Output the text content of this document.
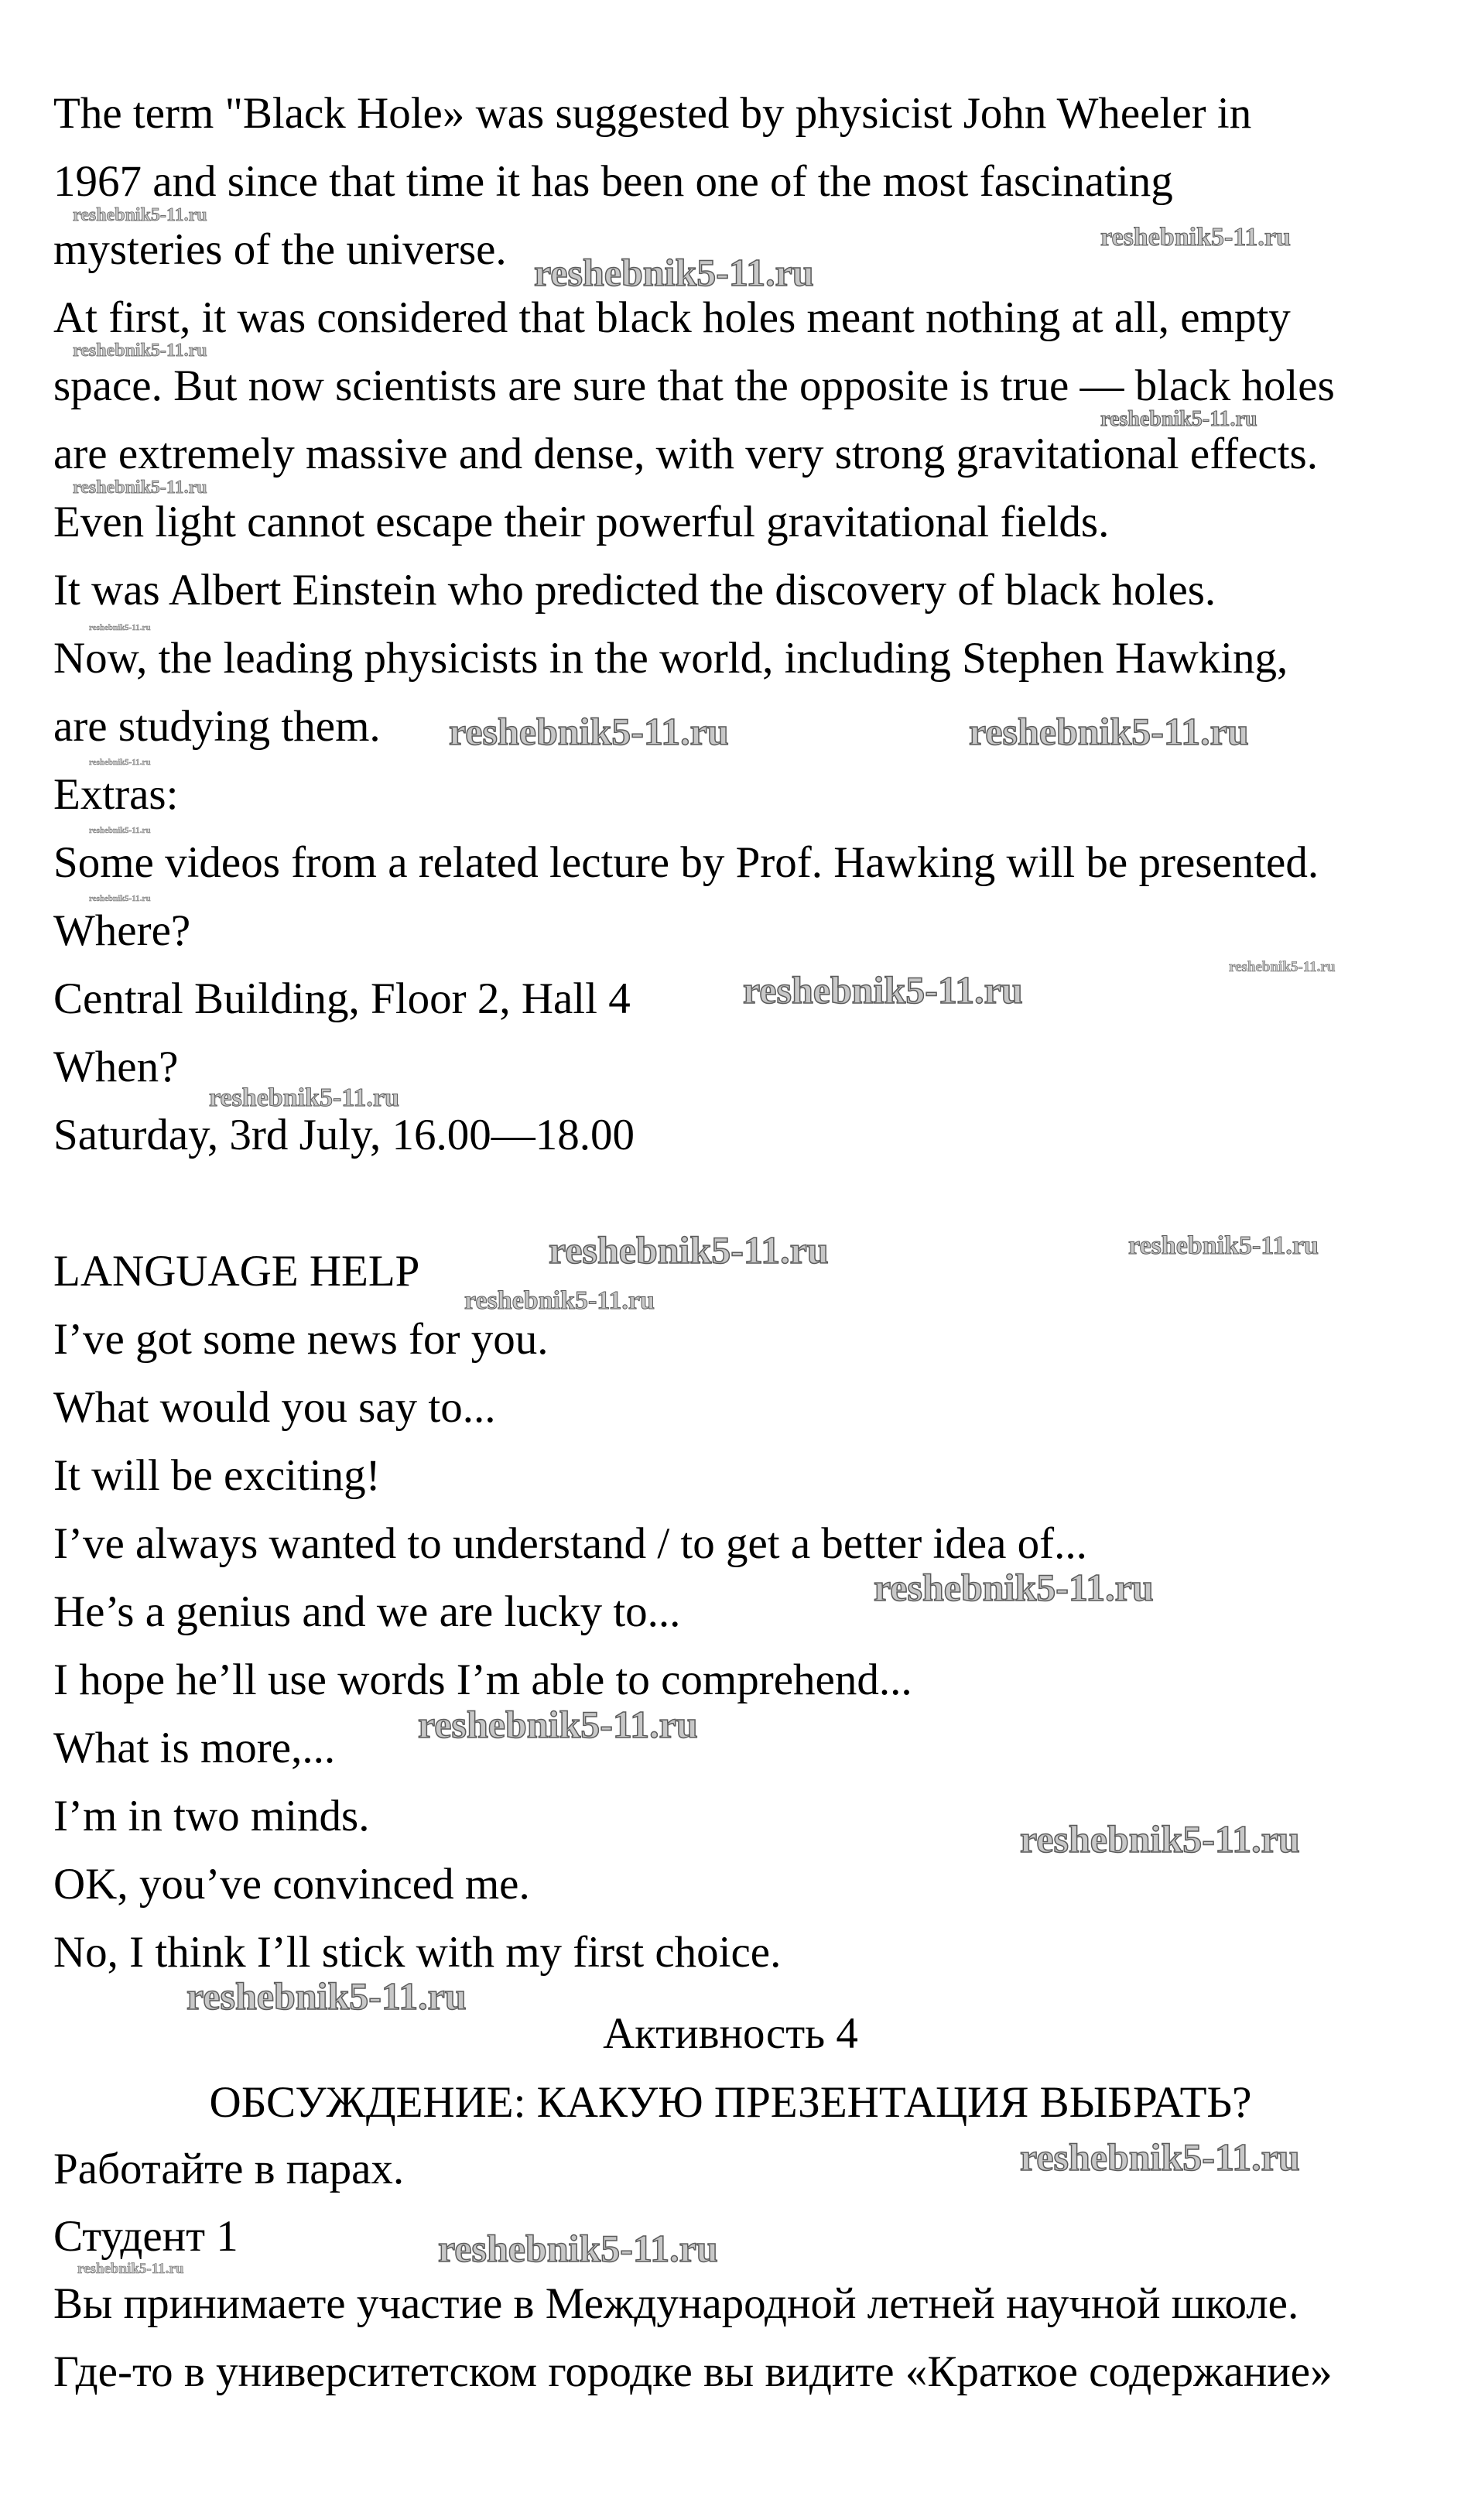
The term "Black Hole» was suggested by physicist John Wheeler in
1967 and since that time it has been one of the most fascinating
mysteries of the universe.
At first, it was considered that black holes meant nothing at all, empty
space. But now scientists are sure that the opposite is true — black holes
are extremely massive and dense, with very strong gravitational effects.
Even light cannot escape their powerful gravitational fields.
It was Albert Einstein who predicted the discovery of black holes.
Now, the leading physicists in the world, including Stephen Hawking,
are studying them.
Extras:
Some videos from a related lecture by Prof. Hawking will be presented.
Where?
Central Building, Floor 2, Hall 4
When?
Saturday, 3rd July, 16.00—18.00
LANGUAGE HELP
I’ve got some news for you.
What would you say to...
It will be exciting!
I’ve always wanted to understand / to get a better idea of...
He’s a genius and we are lucky to...
I hope he’ll use words I’m able to comprehend...
What is more,...
I’m in two minds.
OK, you’ve convinced me.
No, I think I’ll stick with my first choice.
Активность 4
ОБСУЖДЕНИЕ: КАКУЮ ПРЕЗЕНТАЦИЯ ВЫБРАТЬ?
Работайте в парах.
Студент 1
Вы принимаете участие в Международной летней научной школе.
Где-то в университетском городке вы видите «Краткое содержание»
reshebnik5-11.ru
reshebnik5-11.ru
reshebnik5-11.ru
reshebnik5-11.ru
reshebnik5-11.ru
reshebnik5-11.ru
reshebnik5-11.ru
reshebnik5-11.ru	reshebnik5-11.ru
reshebnik5-11.ru
reshebnik5-11.ru
reshebnik5-11.ru
reshebnik5-11.ru
reshebnik5-11.ru
reshebnik5-11.ru
reshebnik5-11.ru	reshebnik5-11.ru
reshebnik5-11.ru
reshebnik5-11.ru
reshebnik5-11.ru
reshebnik5-11.ru
reshebnik5-11.ru
reshebnik5-11.ru
reshebnik5-11.ru
reshebnik5-11.ru
